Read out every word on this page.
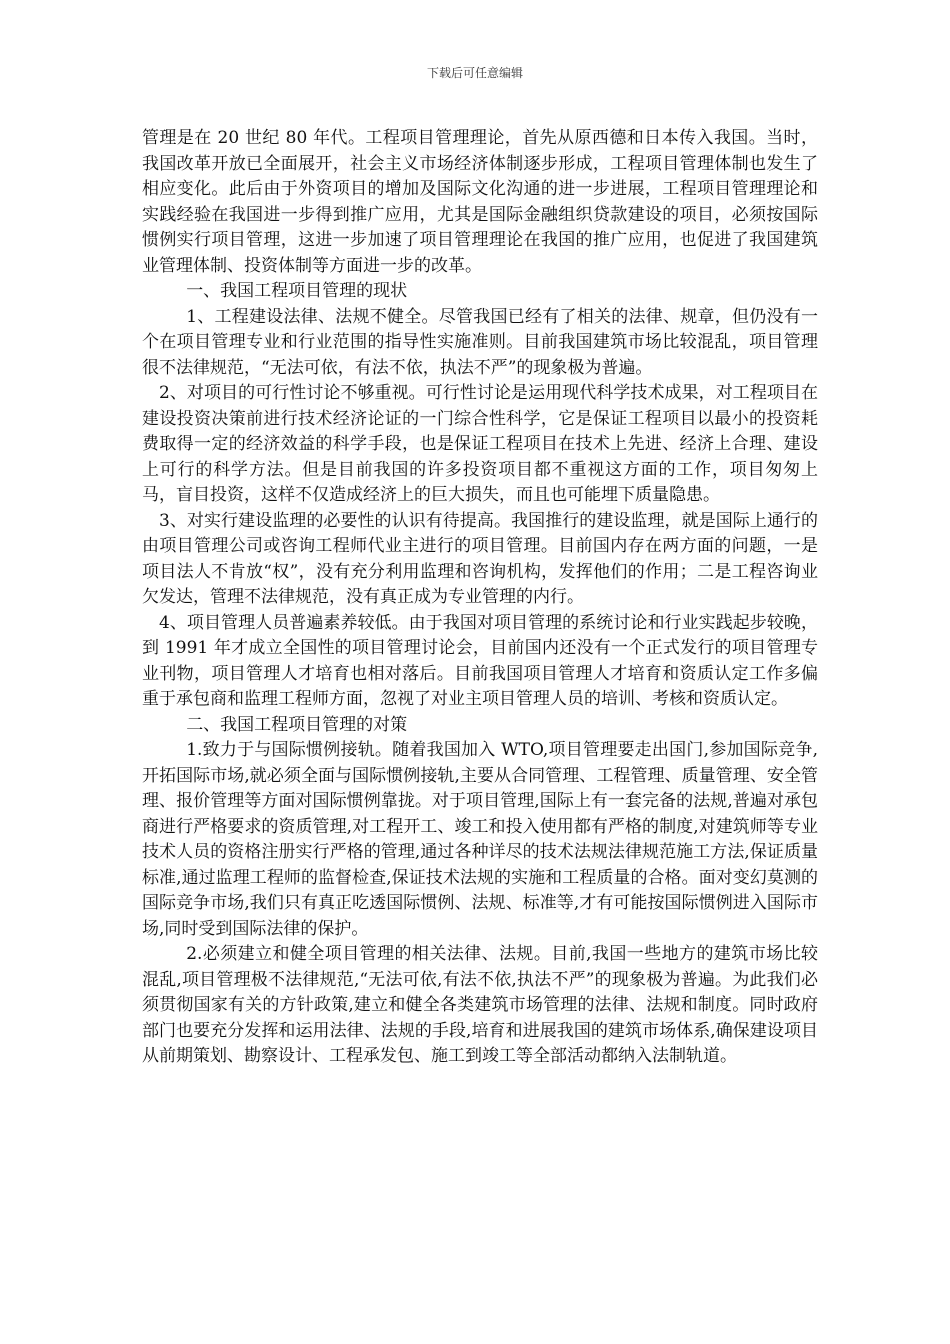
下载后可任意编辑

管理是在 20 世纪 80 年代。工程项目管理理论，首先从原西德和日本传入我国。当时，我国改革开放已全面展开，社会主义市场经济体制逐步形成，工程项目管理体制也发生了相应变化。此后由于外资项目的增加及国际文化沟通的进一步进展，工程项目管理理论和实践经验在我国进一步得到推广应用，尤其是国际金融组织贷款建设的项目，必须按国际惯例实行项目管理，这进一步加速了项目管理理论在我国的推广应用，也促进了我国建筑业管理体制、投资体制等方面进一步的改革。

一、我国工程项目管理的现状

1、工程建设法律、法规不健全。尽管我国已经有了相关的法律、规章，但仍没有一个在项目管理专业和行业范围的指导性实施准则。目前我国建筑市场比较混乱，项目管理很不法律规范，“无法可依，有法不依，执法不严”的现象极为普遍。

2、对项目的可行性讨论不够重视。可行性讨论是运用现代科学技术成果，对工程项目在建设投资决策前进行技术经济论证的一门综合性科学，它是保证工程项目以最小的投资耗费取得一定的经济效益的科学手段，也是保证工程项目在技术上先进、经济上合理、建设上可行的科学方法。但是目前我国的许多投资项目都不重视这方面的工作，项目匆匆上马，盲目投资，这样不仅造成经济上的巨大损失，而且也可能埋下质量隐患。

3、对实行建设监理的必要性的认识有待提高。我国推行的建设监理，就是国际上通行的由项目管理公司或咨询工程师代业主进行的项目管理。目前国内存在两方面的问题，一是项目法人不肯放“权”，没有充分利用监理和咨询机构，发挥他们的作用；二是工程咨询业欠发达，管理不法律规范，没有真正成为专业管理的内行。

4、项目管理人员普遍素养较低。由于我国对项目管理的系统讨论和行业实践起步较晚，到 1991 年才成立全国性的项目管理讨论会，目前国内还没有一个正式发行的项目管理专业刊物，项目管理人才培育也相对落后。目前我国项目管理人才培育和资质认定工作多偏重于承包商和监理工程师方面，忽视了对业主项目管理人员的培训、考核和资质认定。

二、我国工程项目管理的对策

1.致力于与国际惯例接轨。随着我国加入 WTO,项目管理要走出国门,参加国际竞争,开拓国际市场,就必须全面与国际惯例接轨,主要从合同管理、工程管理、质量管理、安全管理、报价管理等方面对国际惯例靠拢。对于项目管理,国际上有一套完备的法规,普遍对承包商进行严格要求的资质管理,对工程开工、竣工和投入使用都有严格的制度,对建筑师等专业技术人员的资格注册实行严格的管理,通过各种详尽的技术法规法律规范施工方法,保证质量标准,通过监理工程师的监督检查,保证技术法规的实施和工程质量的合格。面对变幻莫测的国际竞争市场,我们只有真正吃透国际惯例、法规、标准等,才有可能按国际惯例进入国际市场,同时受到国际法律的保护。

2.必须建立和健全项目管理的相关法律、法规。目前,我国一些地方的建筑市场比较混乱,项目管理极不法律规范,“无法可依,有法不依,执法不严”的现象极为普遍。为此我们必须贯彻国家有关的方针政策,建立和健全各类建筑市场管理的法律、法规和制度。同时政府部门也要充分发挥和运用法律、法规的手段,培育和进展我国的建筑市场体系,确保建设项目从前期策划、勘察设计、工程承发包、施工到竣工等全部活动都纳入法制轨道。
